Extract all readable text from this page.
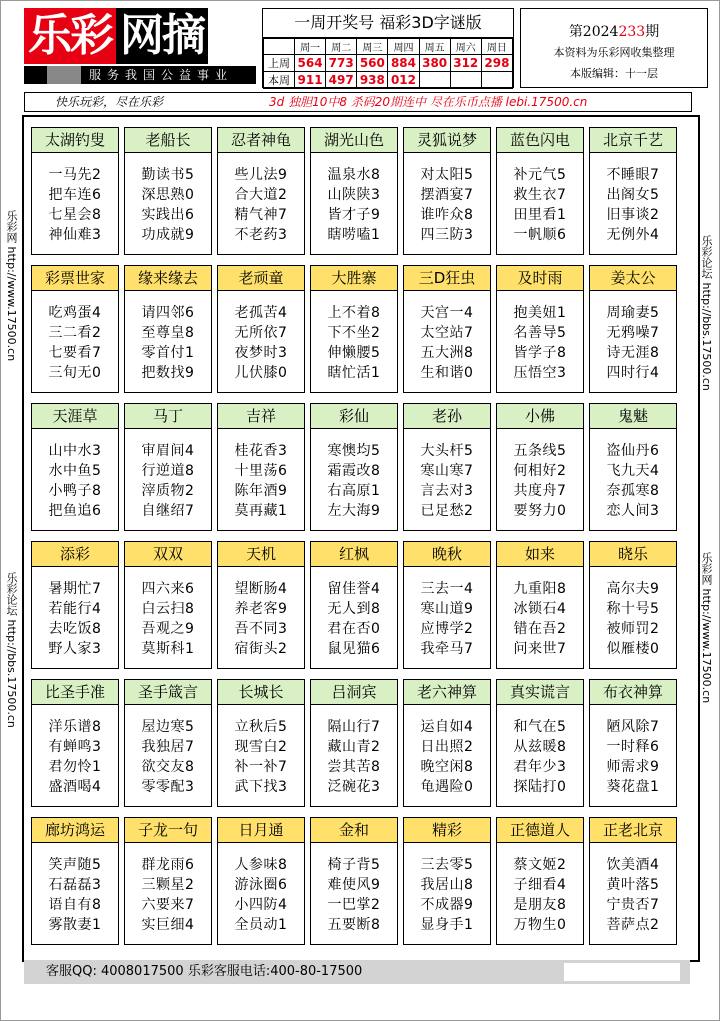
乐彩 网摘
服务我国公益事业
一周开奖号 福彩3D字谜版
	周一	周二	周三	周四	周五	周六	周日
上周	564	773	560	884	380	312	298
本周	911	497	938	012			
第2024233期
本资料为乐彩网收集整理
本版编辑：十一层
快乐玩彩，尽在乐彩	3d 独胆10中8 杀码20期连中 尽在乐币点播 lebi.17500.cn
乐彩网 http://www.17500.cn
乐彩论坛 http://bbs.17500.cn
乐彩论坛 http://bbs.17500.cn
乐彩网 http://www.17500.cn
太湖钓叟
一马先2
把车连6
七星会8
神仙难3
老船长
勤读书5
深思熟0
实践出6
功成就9
忍者神龟
些儿法9
合大道2
精气神7
不老药3
湖光山色
温泉水8
山陕陕3
皆才子9
瞎唠嗑1
灵狐说梦
对太阳5
摆酒宴7
谁咋众8
四三防3
蓝色闪电
补元气5
救生衣7
田里看1
一帆顺6
北京千艺
不睡眼7
出阁女5
旧事谈2
无例外4
彩票世家
吃鸡蛋4
三二看2
七要看7
三旬无0
缘来缘去
请四邻6
至尊皇8
零首付1
把数找9
老顽童
老孤苦4
无所依7
夜梦时3
儿伏膝0
大胜寨
上不着8
下不坐2
伸懒腰5
瞎忙活1
三D狂虫
天宫一4
太空站7
五大洲8
生和谐0
及时雨
抱美妞1
名善导5
皆学子8
压悟空3
姜太公
周瑜妻5
无鸦噪7
诗无涯8
四时行4
天涯草
山中水3
水中鱼5
小鸭子8
把鱼追6
马丁
审眉间4
行逆道8
滓质物2
自继绍7
吉祥
桂花香3
十里荡6
陈年酒9
莫再藏1
彩仙
寒懊均5
霜霞改8
右高原1
左大海9
老孙
大头杆5
寒山寒7
言去对3
已足愁2
小佛
五条线5
何相好2
共度舟7
要努力0
鬼魅
盗仙丹6
飞九天4
奈孤寒8
恋人间3
添彩
暑期忙7
若能行4
去吃饭8
野人家3
双双
四六来6
白云扫8
吾观之9
莫斯科1
天机
望断肠4
养老客9
吾不同3
宿街头2
红枫
留佳誉4
无人到8
君在否0
鼠见猫6
晚秋
三去一4
寒山道9
应博学2
我牵马7
如来
九重阳8
冰锁石4
错在吾2
问来世7
晓乐
高尔夫9
称十号5
被师罚2
似雁楼0
比圣手准
洋乐谱8
有蝉鸣3
君勿怜1
盛酒喝4
圣手箴言
屋边寒5
我独居7
欲交友8
零零配3
长城长
立秋后5
现雪白2
补一补7
武下找3
吕洞宾
隔山行7
藏山青2
尝其苦8
泛碗花3
老六神算
运自如4
日出照2
晚空闲8
龟遇险0
真实谎言
和气在5
从兹暖8
君年少3
探陆打0
布衣神算
陋风除7
一时释6
师需求9
葵花盘1
廊坊鸿运
笑声随5
石磊磊3
语自有8
雾散妻1
子龙一句
群龙雨6
三颗星2
六要来7
实巨细4
日月通
人参味8
游泳圈6
小四防4
全员动1
金和
椅子背5
难使风9
一巴掌2
五要断8
精彩
三去零5
我居山8
不成器9
显身手1
正德道人
蔡文姬2
子细看4
是朋友8
万物生0
正老北京
饮美酒4
黄叶落5
宁贵否7
菩萨点2
客服QQ: 4008017500 乐彩客服电话:400-80-17500
